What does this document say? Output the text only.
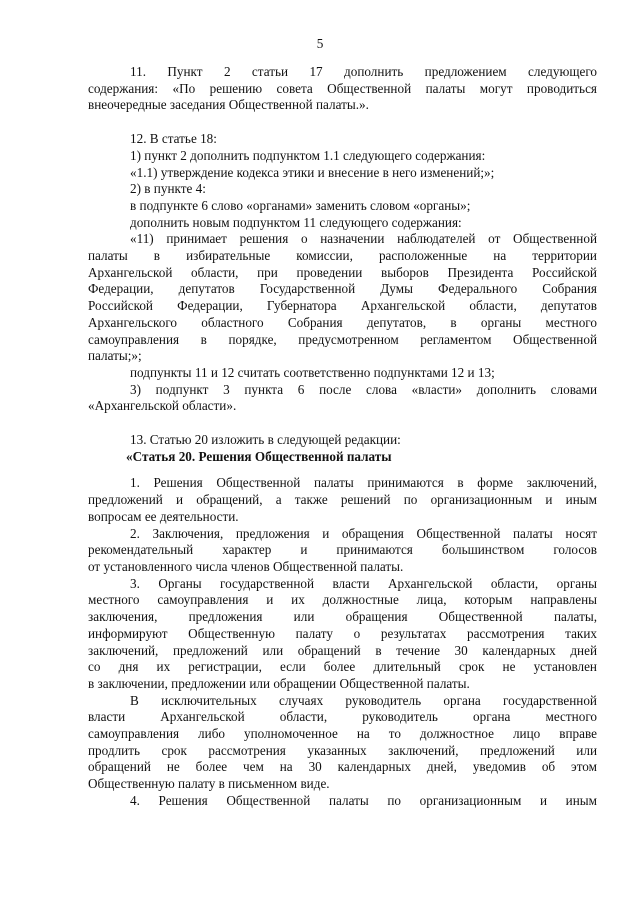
5
11. Пункт 2 статьи 17 дополнить предложением следующего
содержания: «По решению совета Общественной палаты могут проводиться
внеочередные заседания Общественной палаты.».
12. В статье 18:
1) пункт 2 дополнить подпунктом 1.1 следующего содержания:
«1.1) утверждение кодекса этики и внесение в него изменений;»;
2) в пункте 4:
в подпункте 6 слово «органами» заменить словом «органы»;
дополнить новым подпунктом 11 следующего содержания:
«11) принимает решения о назначении наблюдателей от Общественной
палаты в избирательные комиссии, расположенные на территории
Архангельской области, при проведении выборов Президента Российской
Федерации, депутатов Государственной Думы Федерального Собрания
Российской Федерации, Губернатора Архангельской области, депутатов
Архангельского областного Собрания депутатов, в органы местного
самоуправления в порядке, предусмотренном регламентом Общественной
палаты;»;
подпункты 11 и 12 считать соответственно подпунктами 12 и 13;
3) подпункт 3 пункта 6 после слова «власти» дополнить словами
«Архангельской области».
13. Статью 20 изложить в следующей редакции:
«Статья 20. Решения Общественной палаты
1. Решения Общественной палаты принимаются в форме заключений,
предложений и обращений, а также решений по организационным и иным
вопросам ее деятельности.
2. Заключения, предложения и обращения Общественной палаты носят
рекомендательный характер и принимаются большинством голосов
от установленного числа членов Общественной палаты.
3. Органы государственной власти Архангельской области, органы
местного самоуправления и их должностные лица, которым направлены
заключения, предложения или обращения Общественной палаты,
информируют Общественную палату о результатах рассмотрения таких
заключений, предложений или обращений в течение 30 календарных дней
со дня их регистрации, если более длительный срок не установлен
в заключении, предложении или обращении Общественной палаты.
В исключительных случаях руководитель органа государственной
власти Архангельской области, руководитель органа местного
самоуправления либо уполномоченное на то должностное лицо вправе
продлить срок рассмотрения указанных заключений, предложений или
обращений не более чем на 30 календарных дней, уведомив об этом
Общественную палату в письменном виде.
4. Решения Общественной палаты по организационным и иным
